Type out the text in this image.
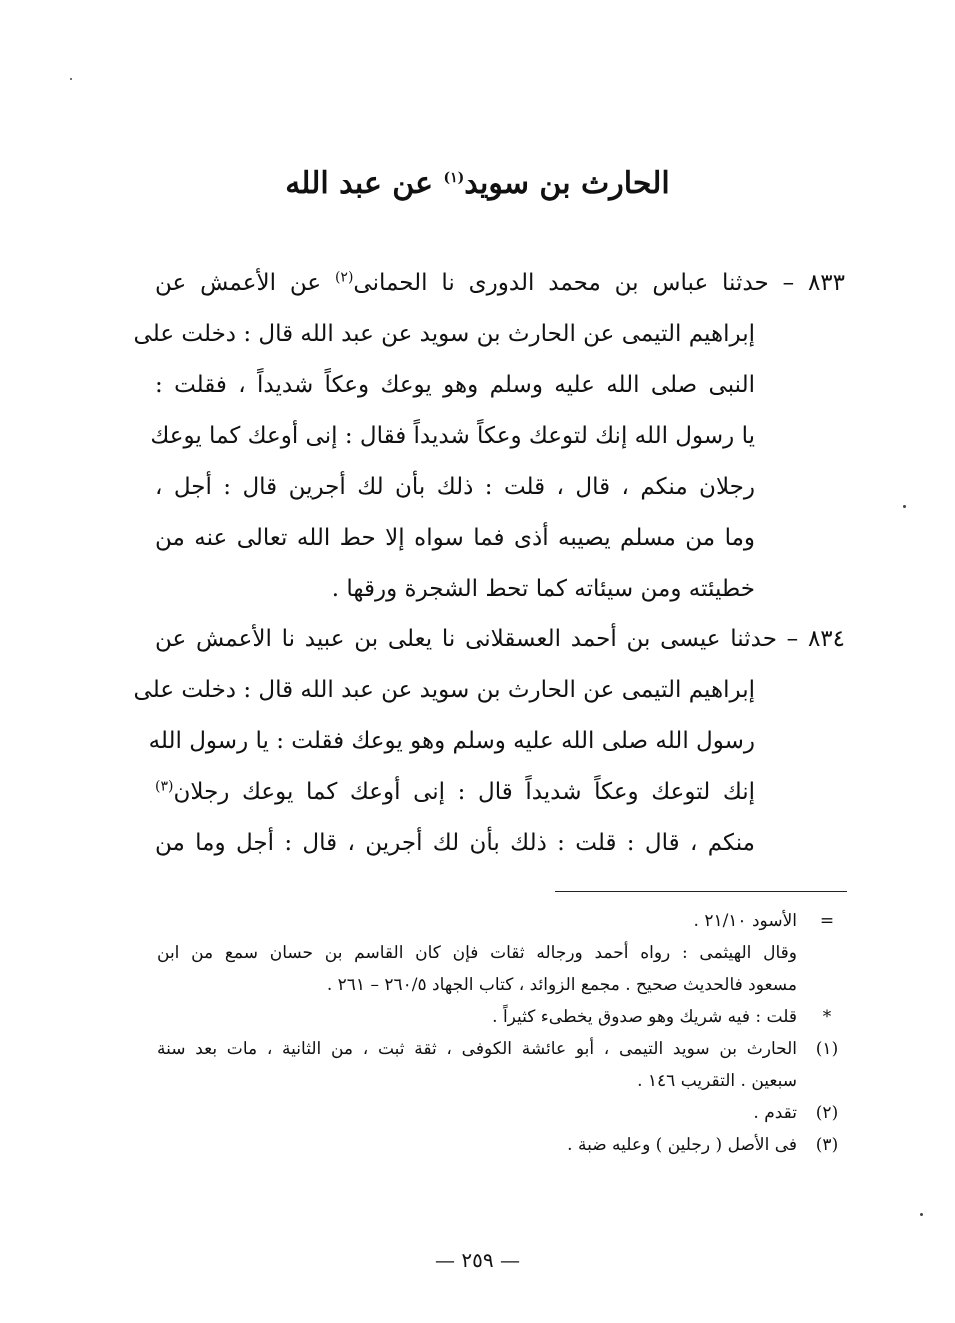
الحارث بن سويد$^{(١)}$ عن عبد الله
٨٣٣ – حدثنا عباس بن محمد الدورى نا الحمانى$^{(٢)}$ عن الأعمش عن
إبراهيم التيمى عن الحارث بن سويد عن عبد الله قال : دخلت على
النبى صلى الله عليه وسلم وهو يوعك وعكاً شديداً ، فقلت :
يا رسول الله إنك لتوعك وعكاً شديداً فقال : إنى أوعك كما يوعك
رجلان منكم ، قال ، قلت : ذلك بأن لك أجرين قال : أجل ،
وما من مسلم يصيبه أذى فما سواه إلا حط الله تعالى عنه من
خطيئته ومن سيئاته كما تحط الشجرة ورقها .
٨٣٤ – حدثنا عيسى بن أحمد العسقلانى نا يعلى بن عبيد نا الأعمش عن
إبراهيم التيمى عن الحارث بن سويد عن عبد الله قال : دخلت على
رسول الله صلى الله عليه وسلم وهو يوعك فقلت : يا رسول الله
إنك لتوعك وعكاً شديداً قال : إنى أوعك كما يوعك رجلان$^{(٣)}$
منكم ، قال : قلت : ذلك بأن لك أجرين ، قال : أجل وما من
=
الأسود ٢١/١٠ .
وقال الهيثمى : رواه أحمد ورجاله ثقات فإن كان القاسم بن حسان سمع من ابن
مسعود فالحديث صحيح . مجمع الزوائد ، كتاب الجهاد ٢٦٠/٥ – ٢٦١ .
*
قلت : فيه شريك وهو صدوق يخطىء كثيراً .
(١)
الحارث بن سويد التيمى ، أبو عائشة الكوفى ، ثقة ثبت ، من الثانية ، مات بعد سنة
سبعين . التقريب ١٤٦ .
(٢)
تقدم .
(٣)
فى الأصل ( رجلين ) وعليه ضبة .
— ٢٥٩ —
